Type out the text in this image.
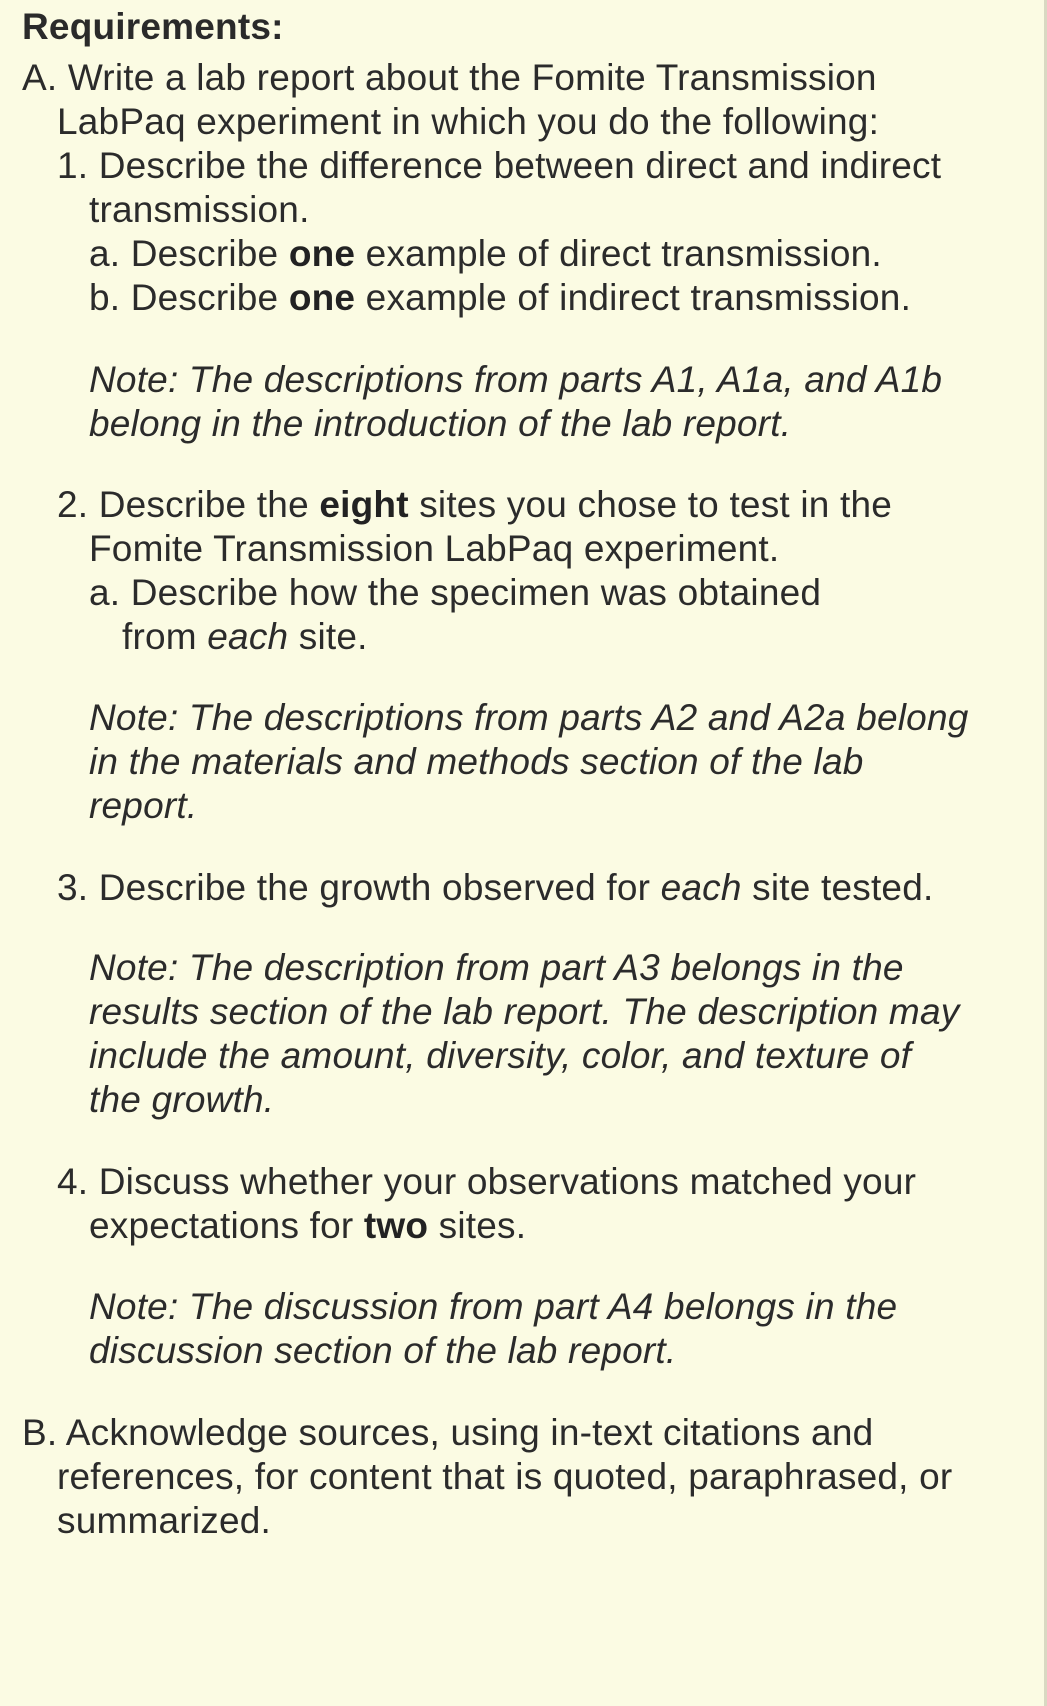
Requirements:
A. Write a lab report about the Fomite Transmission
LabPaq experiment in which you do the following:
1. Describe the difference between direct and indirect
transmission.
a. Describe one example of direct transmission.
b. Describe one example of indirect transmission.
Note: The descriptions from parts A1, A1a, and A1b
belong in the introduction of the lab report.
2. Describe the eight sites you chose to test in the
Fomite Transmission LabPaq experiment.
a. Describe how the specimen was obtained
from each site.
Note: The descriptions from parts A2 and A2a belong
in the materials and methods section of the lab
report.
3. Describe the growth observed for each site tested.
Note: The description from part A3 belongs in the
results section of the lab report. The description may
include the amount, diversity, color, and texture of
the growth.
4. Discuss whether your observations matched your
expectations for two sites.
Note: The discussion from part A4 belongs in the
discussion section of the lab report.
B. Acknowledge sources, using in-text citations and
references, for content that is quoted, paraphrased, or
summarized.
